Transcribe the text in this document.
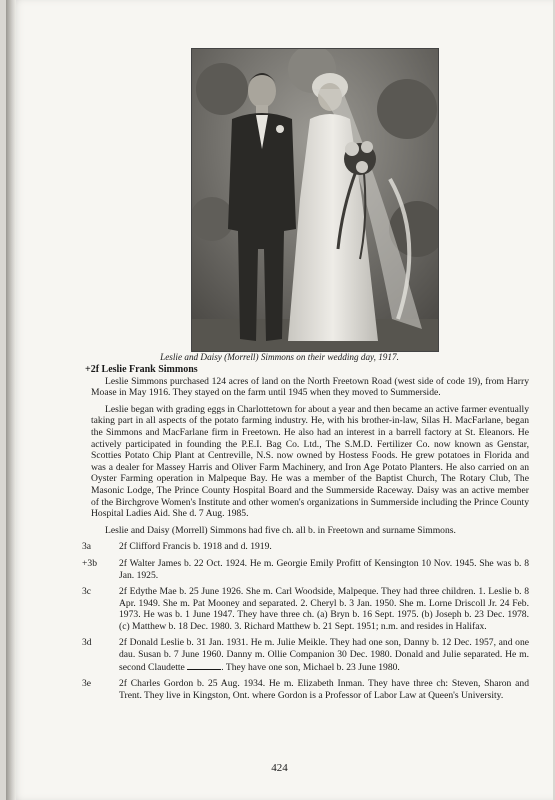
Leslie and Daisy (Morrell) Simmons on their wedding day, 1917.
+2f Leslie Frank Simmons

Leslie Simmons purchased 124 acres of land on the North Freetown Road (west side of code 19), from Harry Moase in May 1916. They stayed on the farm until 1945 when they moved to Summerside.

Leslie began with grading eggs in Charlottetown for about a year and then became an active farmer eventually taking part in all aspects of the potato farming industry. He, with his brother-in-law, Silas H. MacFarlane, began the Simmons and MacFarlane firm in Freetown. He also had an interest in a barrell factory at St. Eleanors. He actively participated in founding the P.E.I. Bag Co. Ltd., The S.M.D. Fertilizer Co. now known as Genstar, Scotties Potato Chip Plant at Centreville, N.S. now owned by Hostess Foods. He grew potatoes in Florida and was a dealer for Massey Harris and Oliver Farm Machinery, and Iron Age Potato Planters. He also carried on an Oyster Farming operation in Malpeque Bay. He was a member of the Baptist Church, The Rotary Club, The Masonic Lodge, The Prince County Hospital Board and the Summerside Raceway. Daisy was an active member of the Birchgrove Women's Institute and other women's organizations in Summerside including the Prince County Hospital Ladies Aid. She d. 7 Aug. 1985.

Leslie and Daisy (Morrell) Simmons had five ch. all b. in Freetown and surname Simmons.

3a	2f Clifford Francis b. 1918 and d. 1919.
+3b	2f Walter James b. 22 Oct. 1924. He m. Georgie Emily Profitt of Kensington 10 Nov. 1945. She was b. 8 Jan. 1925.
3c	2f Edythe Mae b. 25 June 1926. She m. Carl Woodside, Malpeque. They had three children. 1. Leslie b. 8 Apr. 1949. She m. Pat Mooney and separated. 2. Cheryl b. 3 Jan. 1950. She m. Lorne Driscoll Jr. 24 Feb. 1973. He was b. 1 June 1947. They have three ch. (a) Bryn b. 16 Sept. 1975. (b) Joseph b. 23 Dec. 1978. (c) Matthew b. 18 Dec. 1980. 3. Richard Matthew b. 21 Sept. 1951; n.m. and resides in Halifax.
3d	2f Donald Leslie b. 31 Jan. 1931. He m. Julie Meikle. They had one son, Danny b. 12 Dec. 1957, and one dau. Susan b. 7 June 1960. Danny m. Ollie Companion 30 Dec. 1980. Donald and Julie separated. He m. second Claudette	. They have one son, Michael b. 23 June 1980.
3e	2f Charles Gordon b. 25 Aug. 1934. He m. Elizabeth Inman. They have three ch: Steven, Sharon and Trent. They live in Kingston, Ont. where Gordon is a Professor of Labor Law at Queen's University.
424
